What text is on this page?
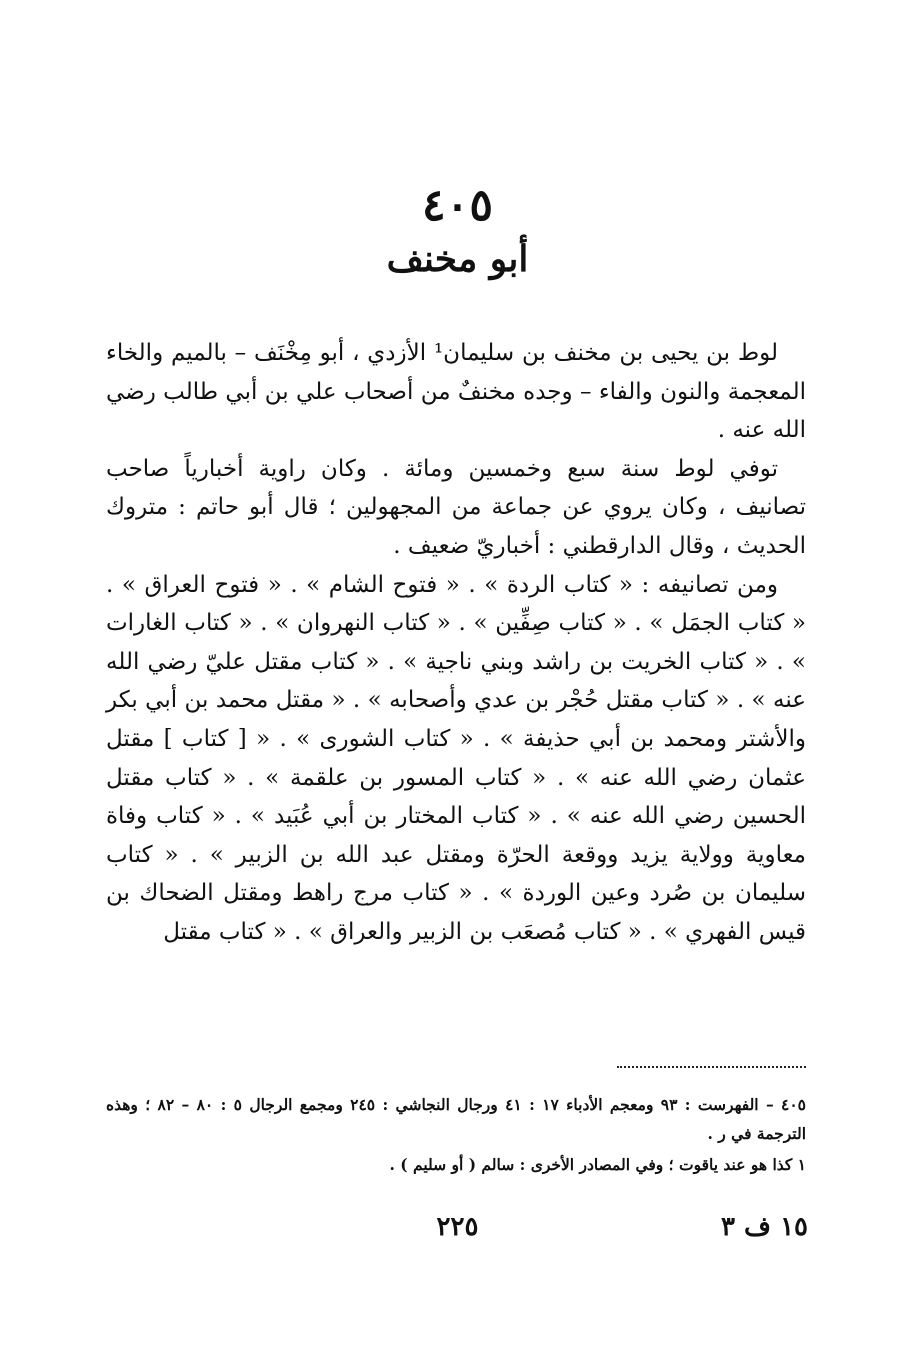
٤٠٥
أبو مخنف

لوط بن يحيى بن مخنف بن سليمان¹ الأزدي ، أبو مِخْنَف – بالميم والخاء المعجمة والنون والفاء – وجده مخنفٌ من أصحاب علي بن أبي طالب رضي الله عنه .

توفي لوط سنة سبع وخمسين ومائة . وكان راوية أخبارياً صاحب تصانيف ، وكان يروي عن جماعة من المجهولين ؛ قال أبو حاتم : متروك الحديث ، وقال الدارقطني : أخباريّ ضعيف .

ومن تصانيفه : « كتاب الردة » . « فتوح الشام » . « فتوح العراق » . « كتاب الجمَل » . « كتاب صِفِّين » . « كتاب النهروان » . « كتاب الغارات » . « كتاب الخريت بن راشد وبني ناجية » . « كتاب مقتل عليّ رضي الله عنه » . « كتاب مقتل حُجْر بن عدي وأصحابه » . « مقتل محمد بن أبي بكر والأشتر ومحمد بن أبي حذيفة » . « كتاب الشورى » . « [ كتاب ] مقتل عثمان رضي الله عنه » . « كتاب المسور بن علقمة » . « كتاب مقتل الحسين رضي الله عنه » . « كتاب المختار بن أبي عُبَيد » . « كتاب وفاة معاوية وولاية يزيد ووقعة الحرّة ومقتل عبد الله بن الزبير » . « كتاب سليمان بن صُرد وعين الوردة » . « كتاب مرج راهط ومقتل الضحاك بن قيس الفهري » . « كتاب مُصعَب بن الزبير والعراق » . « كتاب مقتل

٤٠٥ – الفهرست : ٩٣ ومعجم الأدباء ١٧ : ٤١ ورجال النجاشي : ٢٤٥ ومجمع الرجال ٥ : ٨٠ – ٨٢ ؛ وهذه الترجمة في ر .

١ كذا هو عند ياقوت ؛ وفي المصادر الأخرى : سالم ( أو سليم ) .

٢٢٥	١٥ ف ٣
